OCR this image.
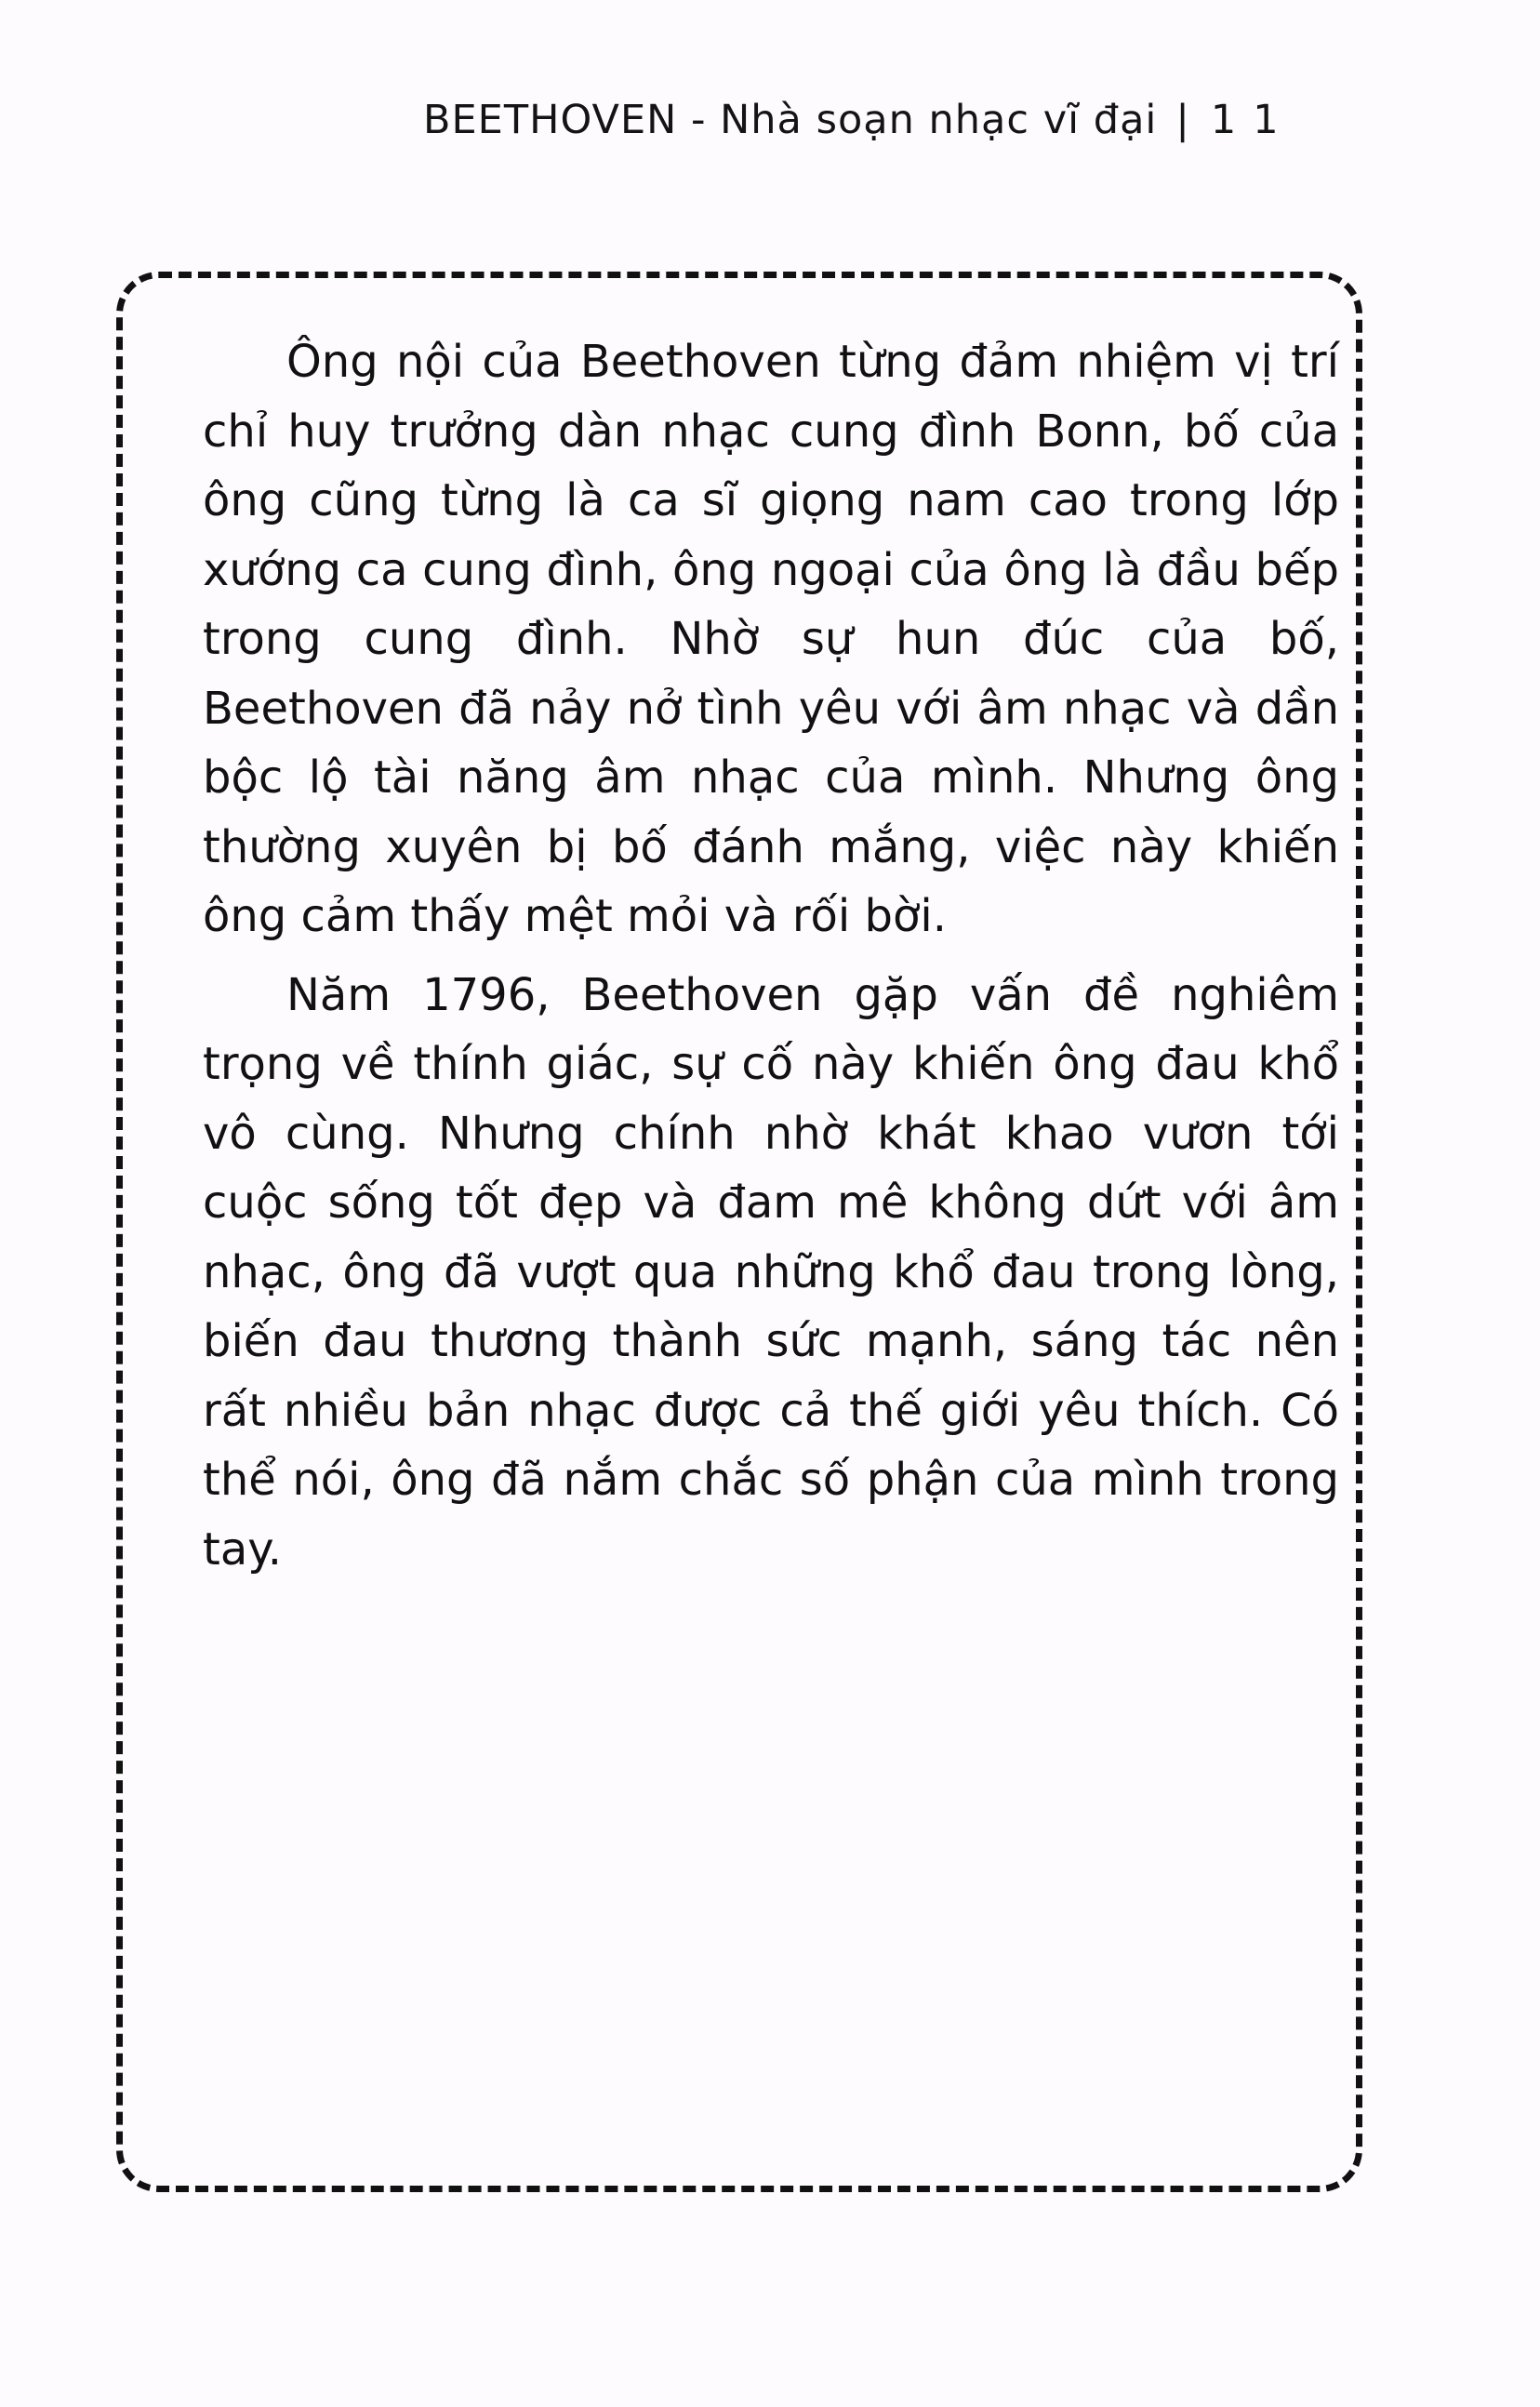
BEETHOVEN - Nhà soạn nhạc vĩ đại | 11

Ông nội của Beethoven từng đảm nhiệm vị trí chỉ huy trưởng dàn nhạc cung đình Bonn, bố của ông cũng từng là ca sĩ giọng nam cao trong lớp xướng ca cung đình, ông ngoại của ông là đầu bếp trong cung đình. Nhờ sự hun đúc của bố, Beethoven đã nảy nở tình yêu với âm nhạc và dần bộc lộ tài năng âm nhạc của mình. Nhưng ông thường xuyên bị bố đánh mắng, việc này khiến ông cảm thấy mệt mỏi và rối bời.

Năm 1796, Beethoven gặp vấn đề nghiêm trọng về thính giác, sự cố này khiến ông đau khổ vô cùng. Nhưng chính nhờ khát khao vươn tới cuộc sống tốt đẹp và đam mê không dứt với âm nhạc, ông đã vượt qua những khổ đau trong lòng, biến đau thương thành sức mạnh, sáng tác nên rất nhiều bản nhạc được cả thế giới yêu thích. Có thể nói, ông đã nắm chắc số phận của mình trong tay.
